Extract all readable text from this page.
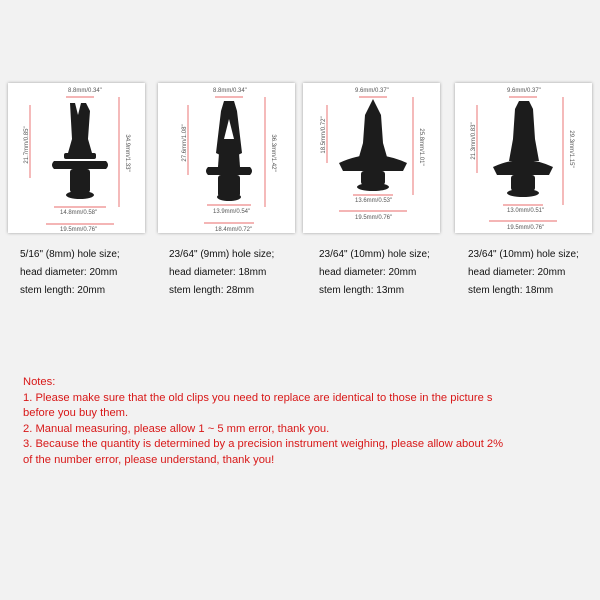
8.8mm/0.34"
21.7mm/0.85"	34.9mm/1.33"
14.8mm/0.58"
19.5mm/0.76"
8.8mm/0.34"
27.6mm/1.08"	36.3mm/1.42"
13.9mm/0.54"
18.4mm/0.72"
9.6mm/0.37"
18.5mm/0.72"	25.8mm/1.01"
13.6mm/0.53"
19.5mm/0.76"
9.6mm/0.37"
21.3mm/0.83"	29.3mm/1.15"
13.0mm/0.51"
19.5mm/0.76"
5/16" (8mm) hole size;
head diameter: 20mm
stem length: 20mm
23/64" (9mm) hole size;
head diameter: 18mm
stem length: 28mm
23/64" (10mm) hole size;
head diameter: 20mm
stem length: 13mm
23/64" (10mm) hole size;
head diameter: 20mm
stem length: 18mm
Notes:
1. Please make sure that the old clips you need to replace are identical to those in the picture s
before you buy them.
2. Manual measuring, please allow 1 ~ 5 mm error, thank you.
3. Because the quantity is determined by a precision instrument weighing, please allow about 2%
of the number error, please understand, thank you!
